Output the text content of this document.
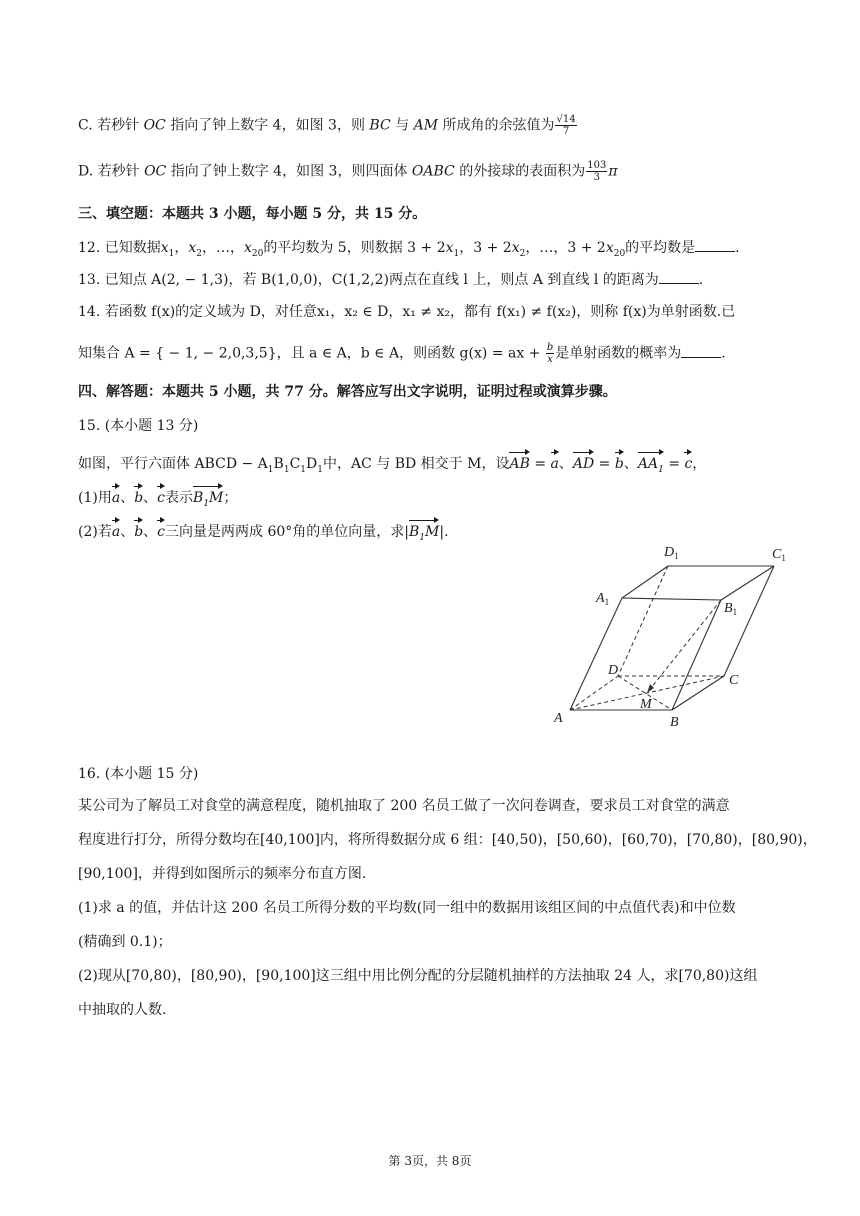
C. 若秒针 OC 指向了钟上数字 4，如图 3，则 BC 与 AM 所成角的余弦值为 $\frac{√14}{7}$
D. 若秒针 OC 指向了钟上数字 4，如图 3，则四面体 OABC 的外接球的表面积为 $\frac{103}{3}$ π
三、填空题：本题共 3 小题，每小题 5 分，共 15 分。
12. 已知数据$x_1$，$x_2$，…，$x_{20}$的平均数为 5，则数据 $3 + 2x_1$，$3 + 2x_2$，…，$3 + 2x_{20}$的平均数是	.
13. 已知点 A(2, − 1,3)，若 B(1,0,0)，C(1,2,2)两点在直线 l 上，则点 A 到直线 l 的距离为	.
14. 若函数 f(x)的定义域为 D，对任意x₁，x₂ ∈ D，x₁ ≠ x₂，都有 f(x₁) ≠ f(x₂)，则称 f(x)为单射函数.已
知集合 A = { − 1, − 2,0,3,5}，且 a ∈ A，b ∈ A，则函数 g(x) = ax + $\frac{b}{x}$ 是单射函数的概率为	.
四、解答题：本题共 5 小题，共 77 分。解答应写出文字说明，证明过程或演算步骤。
15. (本小题 13 分)
如图，平行六面体 ABCD − $A_1B_1C_1D_1$中，AC 与 BD 相交于 M，设AB = a、AD = b、$AA_1 = c$，
(1)用a、b、c表示$B_1M$；
(2)若a、b、c三向量是两两成 60°角的单位向量，求$|B_1M|$.
A	B
C
D
M
$A_1$	$B_1$
$C_1$
$D_1$
16. (本小题 15 分)
某公司为了解员工对食堂的满意程度，随机抽取了 200 名员工做了一次问卷调查，要求员工对食堂的满意
程度进行打分，所得分数均在[40,100]内，将所得数据分成 6 组：[40,50)，[50,60)，[60,70)，[70,80)，[80,90)，
[90,100]，并得到如图所示的频率分布直方图.
(1)求 a 的值，并估计这 200 名员工所得分数的平均数(同一组中的数据用该组区间的中点值代表)和中位数
(精确到 0.1)；
(2)现从[70,80)，[80,90)，[90,100]这三组中用比例分配的分层随机抽样的方法抽取 24 人，求[70,80)这组
中抽取的人数.
第 3页，共 8页
